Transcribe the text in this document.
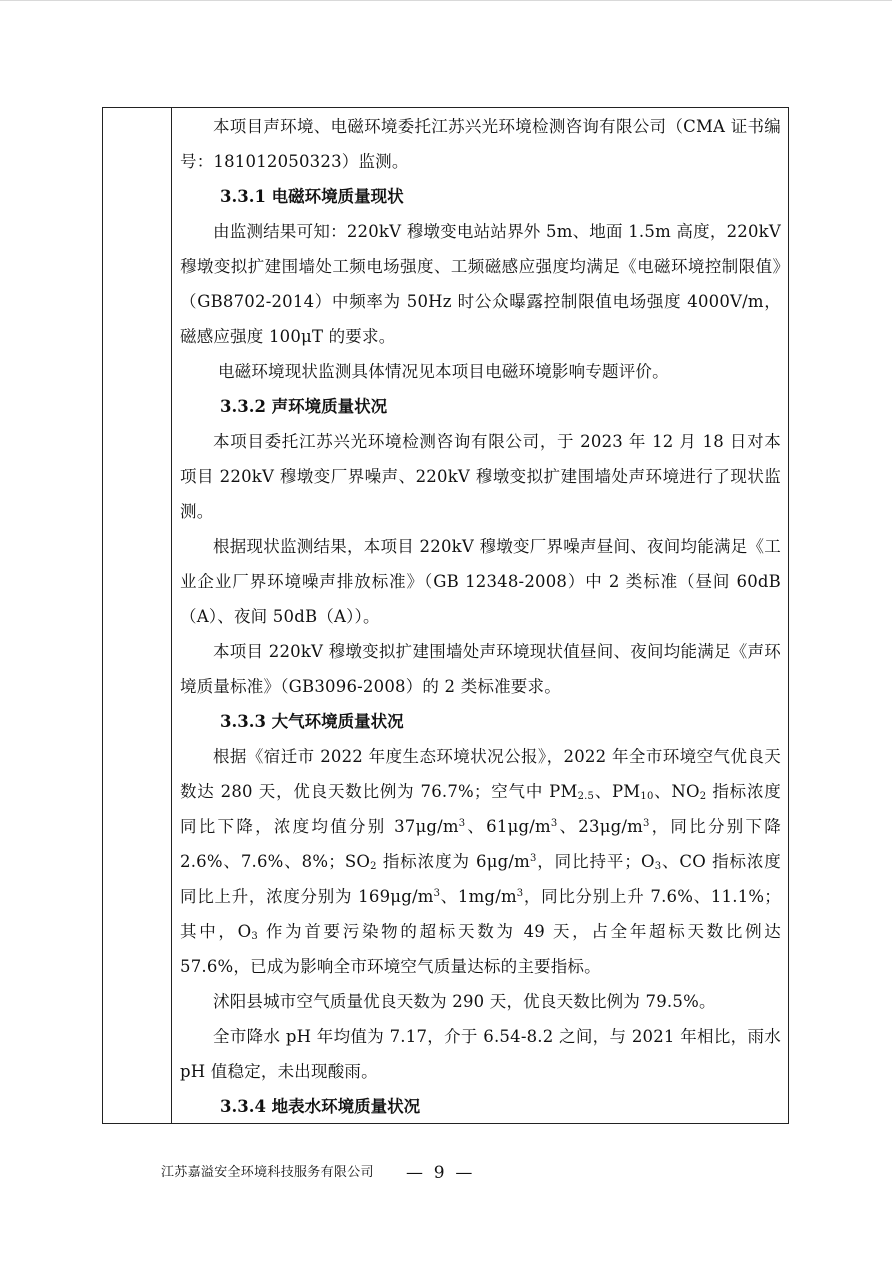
本项目声环境、电磁环境委托江苏兴光环境检测咨询有限公司（CMA 证书编号：181012050323）监测。

3.3.1 电磁环境质量现状

由监测结果可知：220kV 穆墩变电站站界外 5m、地面 1.5m 高度，220kV 穆墩变拟扩建围墙处工频电场强度、工频磁感应强度均满足《电磁环境控制限值》（GB8702-2014）中频率为 50Hz 时公众曝露控制限值电场强度 4000V/m，磁感应强度 100μT 的要求。

电磁环境现状监测具体情况见本项目电磁环境影响专题评价。

3.3.2 声环境质量状况

本项目委托江苏兴光环境检测咨询有限公司，于 2023 年 12 月 18 日对本项目 220kV 穆墩变厂界噪声、220kV 穆墩变拟扩建围墙处声环境进行了现状监测。

根据现状监测结果，本项目 220kV 穆墩变厂界噪声昼间、夜间均能满足《工业企业厂界环境噪声排放标准》（GB 12348-2008）中 2 类标准（昼间 60dB（A）、夜间 50dB（A））。

本项目 220kV 穆墩变拟扩建围墙处声环境现状值昼间、夜间均能满足《声环境质量标准》（GB3096-2008）的 2 类标准要求。

3.3.3 大气环境质量状况

根据《宿迁市 2022 年度生态环境状况公报》，2022 年全市环境空气优良天数达 280 天，优良天数比例为 76.7%；空气中 $PM_{2.5}$、$PM_{10}$、$NO_2$ 指标浓度同比下降，浓度均值分别 $37\mu g/m^3$、$61\mu g/m^3$、$23\mu g/m^3$，同比分别下降 2.6%、7.6%、8%；$SO_2$ 指标浓度为 $6\mu g/m^3$，同比持平；$O_3$、CO 指标浓度同比上升，浓度分别为 $169\mu g/m^3$、$1mg/m^3$，同比分别上升 7.6%、11.1%；其中，$O_3$ 作为首要污染物的超标天数为 49 天，占全年超标天数比例达 57.6%，已成为影响全市环境空气质量达标的主要指标。

沭阳县城市空气质量优良天数为 290 天，优良天数比例为 79.5%。

全市降水 pH 年均值为 7.17，介于 6.54-8.2 之间，与 2021 年相比，雨水 pH 值稳定，未出现酸雨。

3.3.4 地表水环境质量状况

江苏嘉溢安全环境科技服务有限公司 —  9  —
